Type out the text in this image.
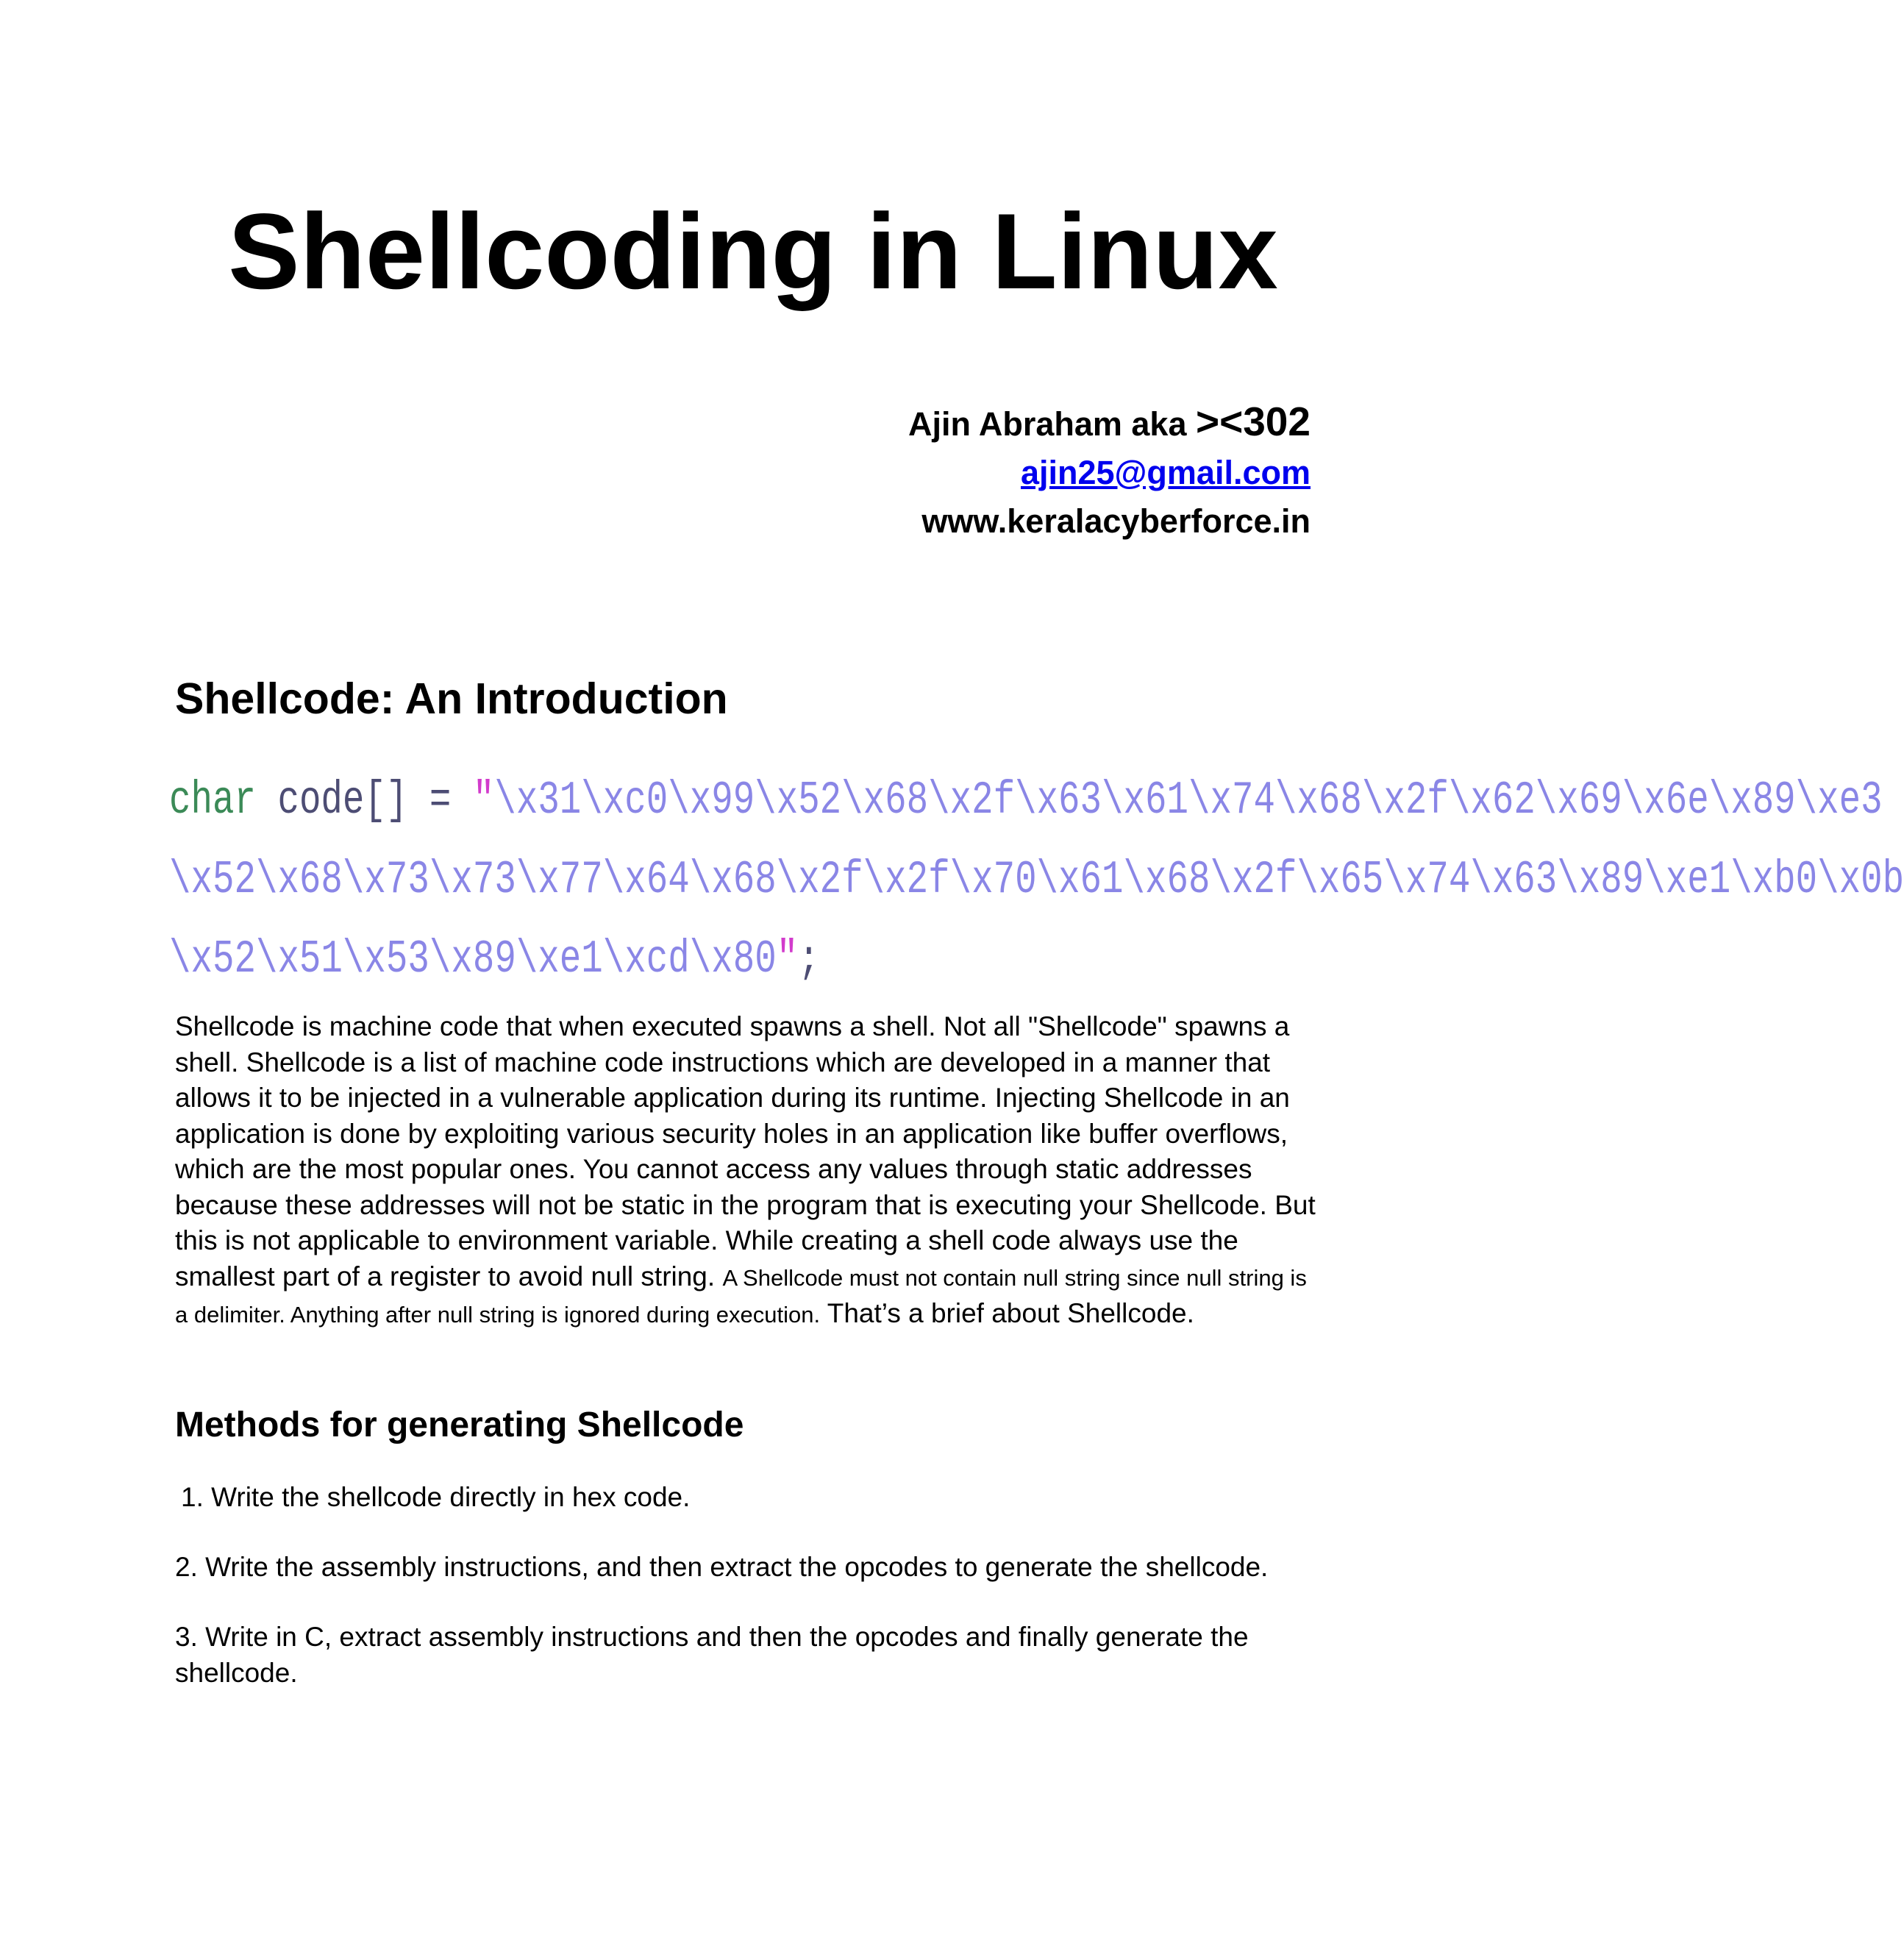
Shellcoding in Linux
Ajin Abraham aka ><302
ajin25@gmail.com
www.keralacyberforce.in
Shellcode: An Introduction
char code[] = "\x31\xc0\x99\x52\x68\x2f\x63\x61\x74\x68\x2f\x62\x69\x6e\x89\xe3
\x52\x68\x73\x73\x77\x64\x68\x2f\x2f\x70\x61\x68\x2f\x65\x74\x63\x89\xe1\xb0\x0b
\x52\x51\x53\x89\xe1\xcd\x80";
Shellcode is machine code that when executed spawns a shell. Not all "Shellcode" spawns a shell. Shellcode is a list of machine code instructions which are developed in a manner that allows it to be injected in a vulnerable application during its runtime. Injecting Shellcode in an application is done by exploiting various security holes in an application like buffer overflows, which are the most popular ones. You cannot access any values through static addresses because these addresses will not be static in the program that is executing your Shellcode. But this is not applicable to environment variable. While creating a shell code always use the smallest part of a register to avoid null string. A Shellcode must not contain null string since null string is a delimiter. Anything after null string is ignored during execution. That’s a brief about Shellcode.
Methods for generating Shellcode
1. Write the shellcode directly in hex code.
2. Write the assembly instructions, and then extract the opcodes to generate the shellcode.
3. Write in C, extract assembly instructions and then the opcodes and finally generate the shellcode.
